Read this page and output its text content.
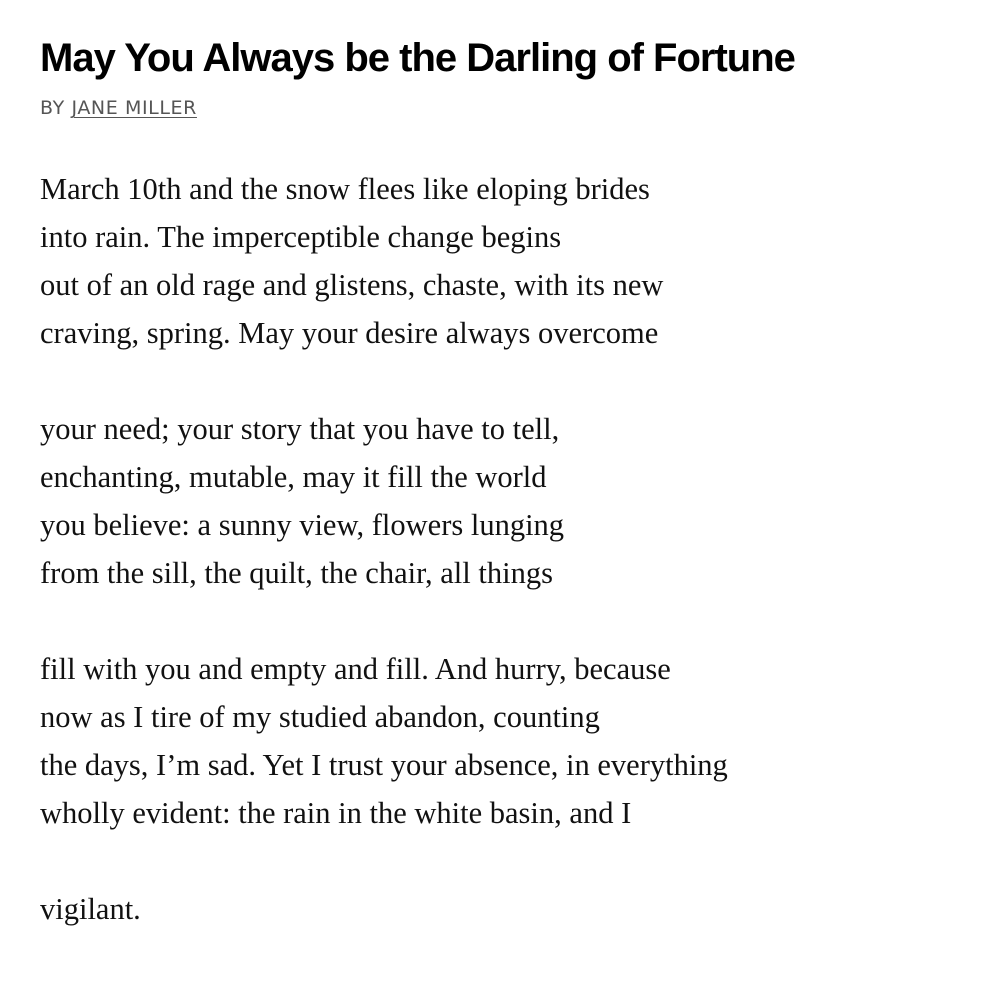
May You Always be the Darling of Fortune
BY JANE MILLER
March 10th and the snow flees like eloping brides
into rain. The imperceptible change begins
out of an old rage and glistens, chaste, with its new
craving, spring. May your desire always overcome
your need; your story that you have to tell,
enchanting, mutable, may it fill the world
you believe: a sunny view, flowers lunging
from the sill, the quilt, the chair, all things
fill with you and empty and fill. And hurry, because
now as I tire of my studied abandon, counting
the days, I’m sad. Yet I trust your absence, in everything
wholly evident: the rain in the white basin, and I
vigilant.
